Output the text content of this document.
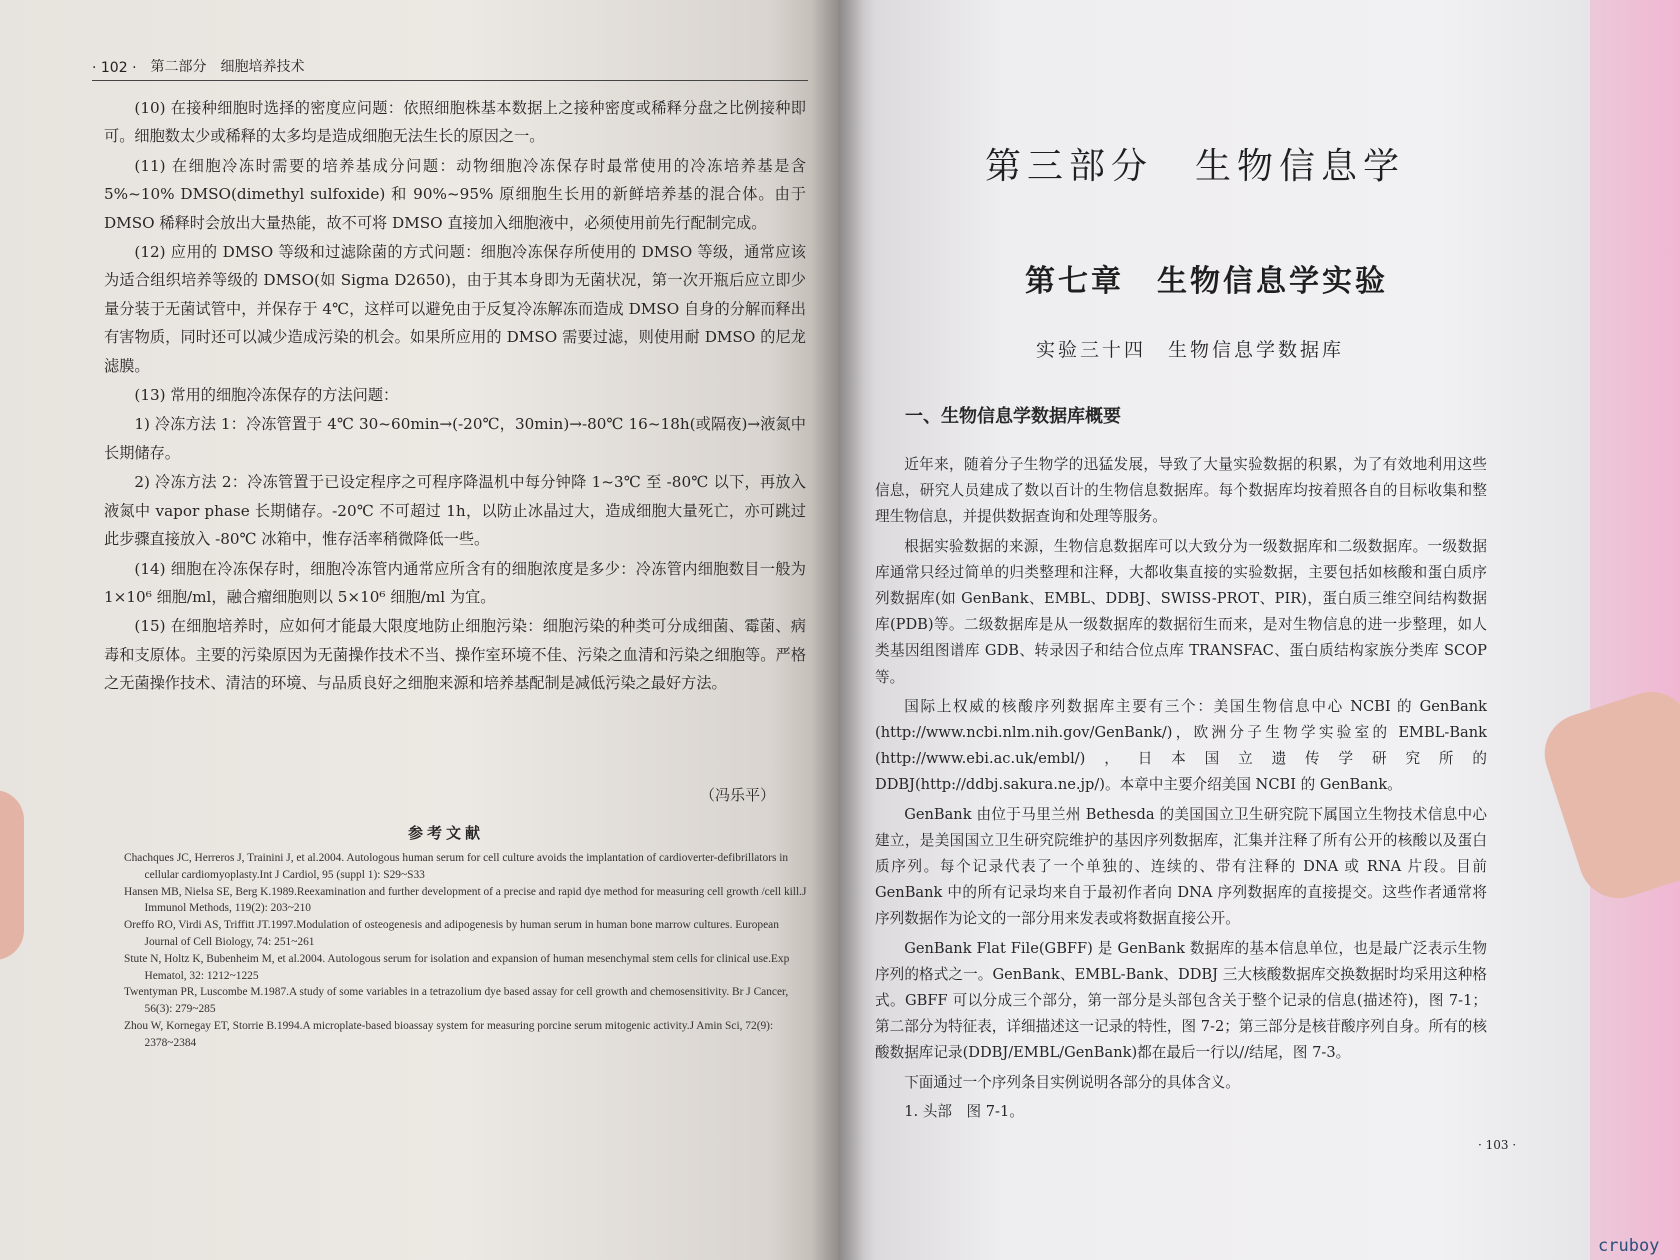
· 102 · 第二部分 细胞培养技术

(10) 在接种细胞时选择的密度应问题：依照细胞株基本数据上之接种密度或稀释分盘之比例接种即可。细胞数太少或稀释的太多均是造成细胞无法生长的原因之一。

(11) 在细胞冷冻时需要的培养基成分问题：动物细胞冷冻保存时最常使用的冷冻培养基是含 5%~10% DMSO(dimethyl sulfoxide) 和 90%~95% 原细胞生长用的新鲜培养基的混合体。由于 DMSO 稀释时会放出大量热能，故不可将 DMSO 直接加入细胞液中，必须使用前先行配制完成。

(12) 应用的 DMSO 等级和过滤除菌的方式问题：细胞冷冻保存所使用的 DMSO 等级，通常应该为适合组织培养等级的 DMSO(如 Sigma D2650)，由于其本身即为无菌状况，第一次开瓶后应立即少量分装于无菌试管中，并保存于 4℃，这样可以避免由于反复冷冻解冻而造成 DMSO 自身的分解而释出有害物质，同时还可以减少造成污染的机会。如果所应用的 DMSO 需要过滤，则使用耐 DMSO 的尼龙滤膜。

(13) 常用的细胞冷冻保存的方法问题：

1) 冷冻方法 1：冷冻管置于 4℃ 30~60min→(-20℃，30min)→-80℃ 16~18h(或隔夜)→液氮中长期储存。

2) 冷冻方法 2：冷冻管置于已设定程序之可程序降温机中每分钟降 1~3℃ 至 -80℃ 以下，再放入液氮中 vapor phase 长期储存。-20℃ 不可超过 1h，以防止冰晶过大，造成细胞大量死亡，亦可跳过此步骤直接放入 -80℃ 冰箱中，惟存活率稍微降低一些。

(14) 细胞在冷冻保存时，细胞冷冻管内通常应所含有的细胞浓度是多少：冷冻管内细胞数目一般为 1×10⁶ 细胞/ml，融合瘤细胞则以 5×10⁶ 细胞/ml 为宜。

(15) 在细胞培养时，应如何才能最大限度地防止细胞污染：细胞污染的种类可分成细菌、霉菌、病毒和支原体。主要的污染原因为无菌操作技术不当、操作室环境不佳、污染之血清和污染之细胞等。严格之无菌操作技术、清洁的环境、与品质良好之细胞来源和培养基配制是减低污染之最好方法。

（冯乐平）
参考文献

Chachques JC, Herreros J, Trainini J, et al.2004. Autologous human serum for cell culture avoids the implantation of cardioverter-defibrillators in cellular cardiomyoplasty.Int J Cardiol, 95 (suppl 1): S29~S33

Hansen MB, Nielsa SE, Berg K.1989.Reexamination and further development of a precise and rapid dye method for measuring cell growth /cell kill.J Immunol Methods, 119(2): 203~210

Oreffo RO, Virdi AS, Triffitt JT.1997.Modulation of osteogenesis and adipogenesis by human serum in human bone marrow cultures. European Journal of Cell Biology, 74: 251~261

Stute N, Holtz K, Bubenheim M, et al.2004. Autologous serum for isolation and expansion of human mesenchymal stem cells for clinical use.Exp Hematol, 32: 1212~1225

Twentyman PR, Luscombe M.1987.A study of some variables in a tetrazolium dye based assay for cell growth and chemosensitivity. Br J Cancer, 56(3): 279~285

Zhou W, Kornegay ET, Storrie B.1994.A microplate-based bioassay system for measuring porcine serum mitogenic activity.J Amin Sci, 72(9): 2378~2384

第三部分　生物信息学
第七章　生物信息学实验
实验三十四　生物信息学数据库
一、生物信息学数据库概要

近年来，随着分子生物学的迅猛发展，导致了大量实验数据的积累，为了有效地利用这些信息，研究人员建成了数以百计的生物信息数据库。每个数据库均按着照各自的目标收集和整理生物信息，并提供数据查询和处理等服务。

根据实验数据的来源，生物信息数据库可以大致分为一级数据库和二级数据库。一级数据库通常只经过简单的归类整理和注释，大都收集直接的实验数据，主要包括如核酸和蛋白质序列数据库(如 GenBank、EMBL、DDBJ、SWISS-PROT、PIR)，蛋白质三维空间结构数据库(PDB)等。二级数据库是从一级数据库的数据衍生而来，是对生物信息的进一步整理，如人类基因组图谱库 GDB、转录因子和结合位点库 TRANSFAC、蛋白质结构家族分类库 SCOP 等。

国际上权威的核酸序列数据库主要有三个：美国生物信息中心 NCBI 的 GenBank (http://www.ncbi.nlm.nih.gov/GenBank/)，欧洲分子生物学实验室的 EMBL-Bank (http://www.ebi.ac.uk/embl/)，日本国立遗传学研究所的 DDBJ(http://ddbj.sakura.ne.jp/)。本章中主要介绍美国 NCBI 的 GenBank。

GenBank 由位于马里兰州 Bethesda 的美国国立卫生研究院下属国立生物技术信息中心建立，是美国国立卫生研究院维护的基因序列数据库，汇集并注释了所有公开的核酸以及蛋白质序列。每个记录代表了一个单独的、连续的、带有注释的 DNA 或 RNA 片段。目前 GenBank 中的所有记录均来自于最初作者向 DNA 序列数据库的直接提交。这些作者通常将序列数据作为论文的一部分用来发表或将数据直接公开。

GenBank Flat File(GBFF) 是 GenBank 数据库的基本信息单位，也是最广泛表示生物序列的格式之一。GenBank、EMBL-Bank、DDBJ 三大核酸数据库交换数据时均采用这种格式。GBFF 可以分成三个部分，第一部分是头部包含关于整个记录的信息(描述符)，图 7-1；第二部分为特征表，详细描述这一记录的特性，图 7-2；第三部分是核苷酸序列自身。所有的核酸数据库记录(DDBJ/EMBL/GenBank)都在最后一行以//结尾，图 7-3。

下面通过一个序列条目实例说明各部分的具体含义。

1. 头部　图 7-1。

· 103 ·
cruboy
